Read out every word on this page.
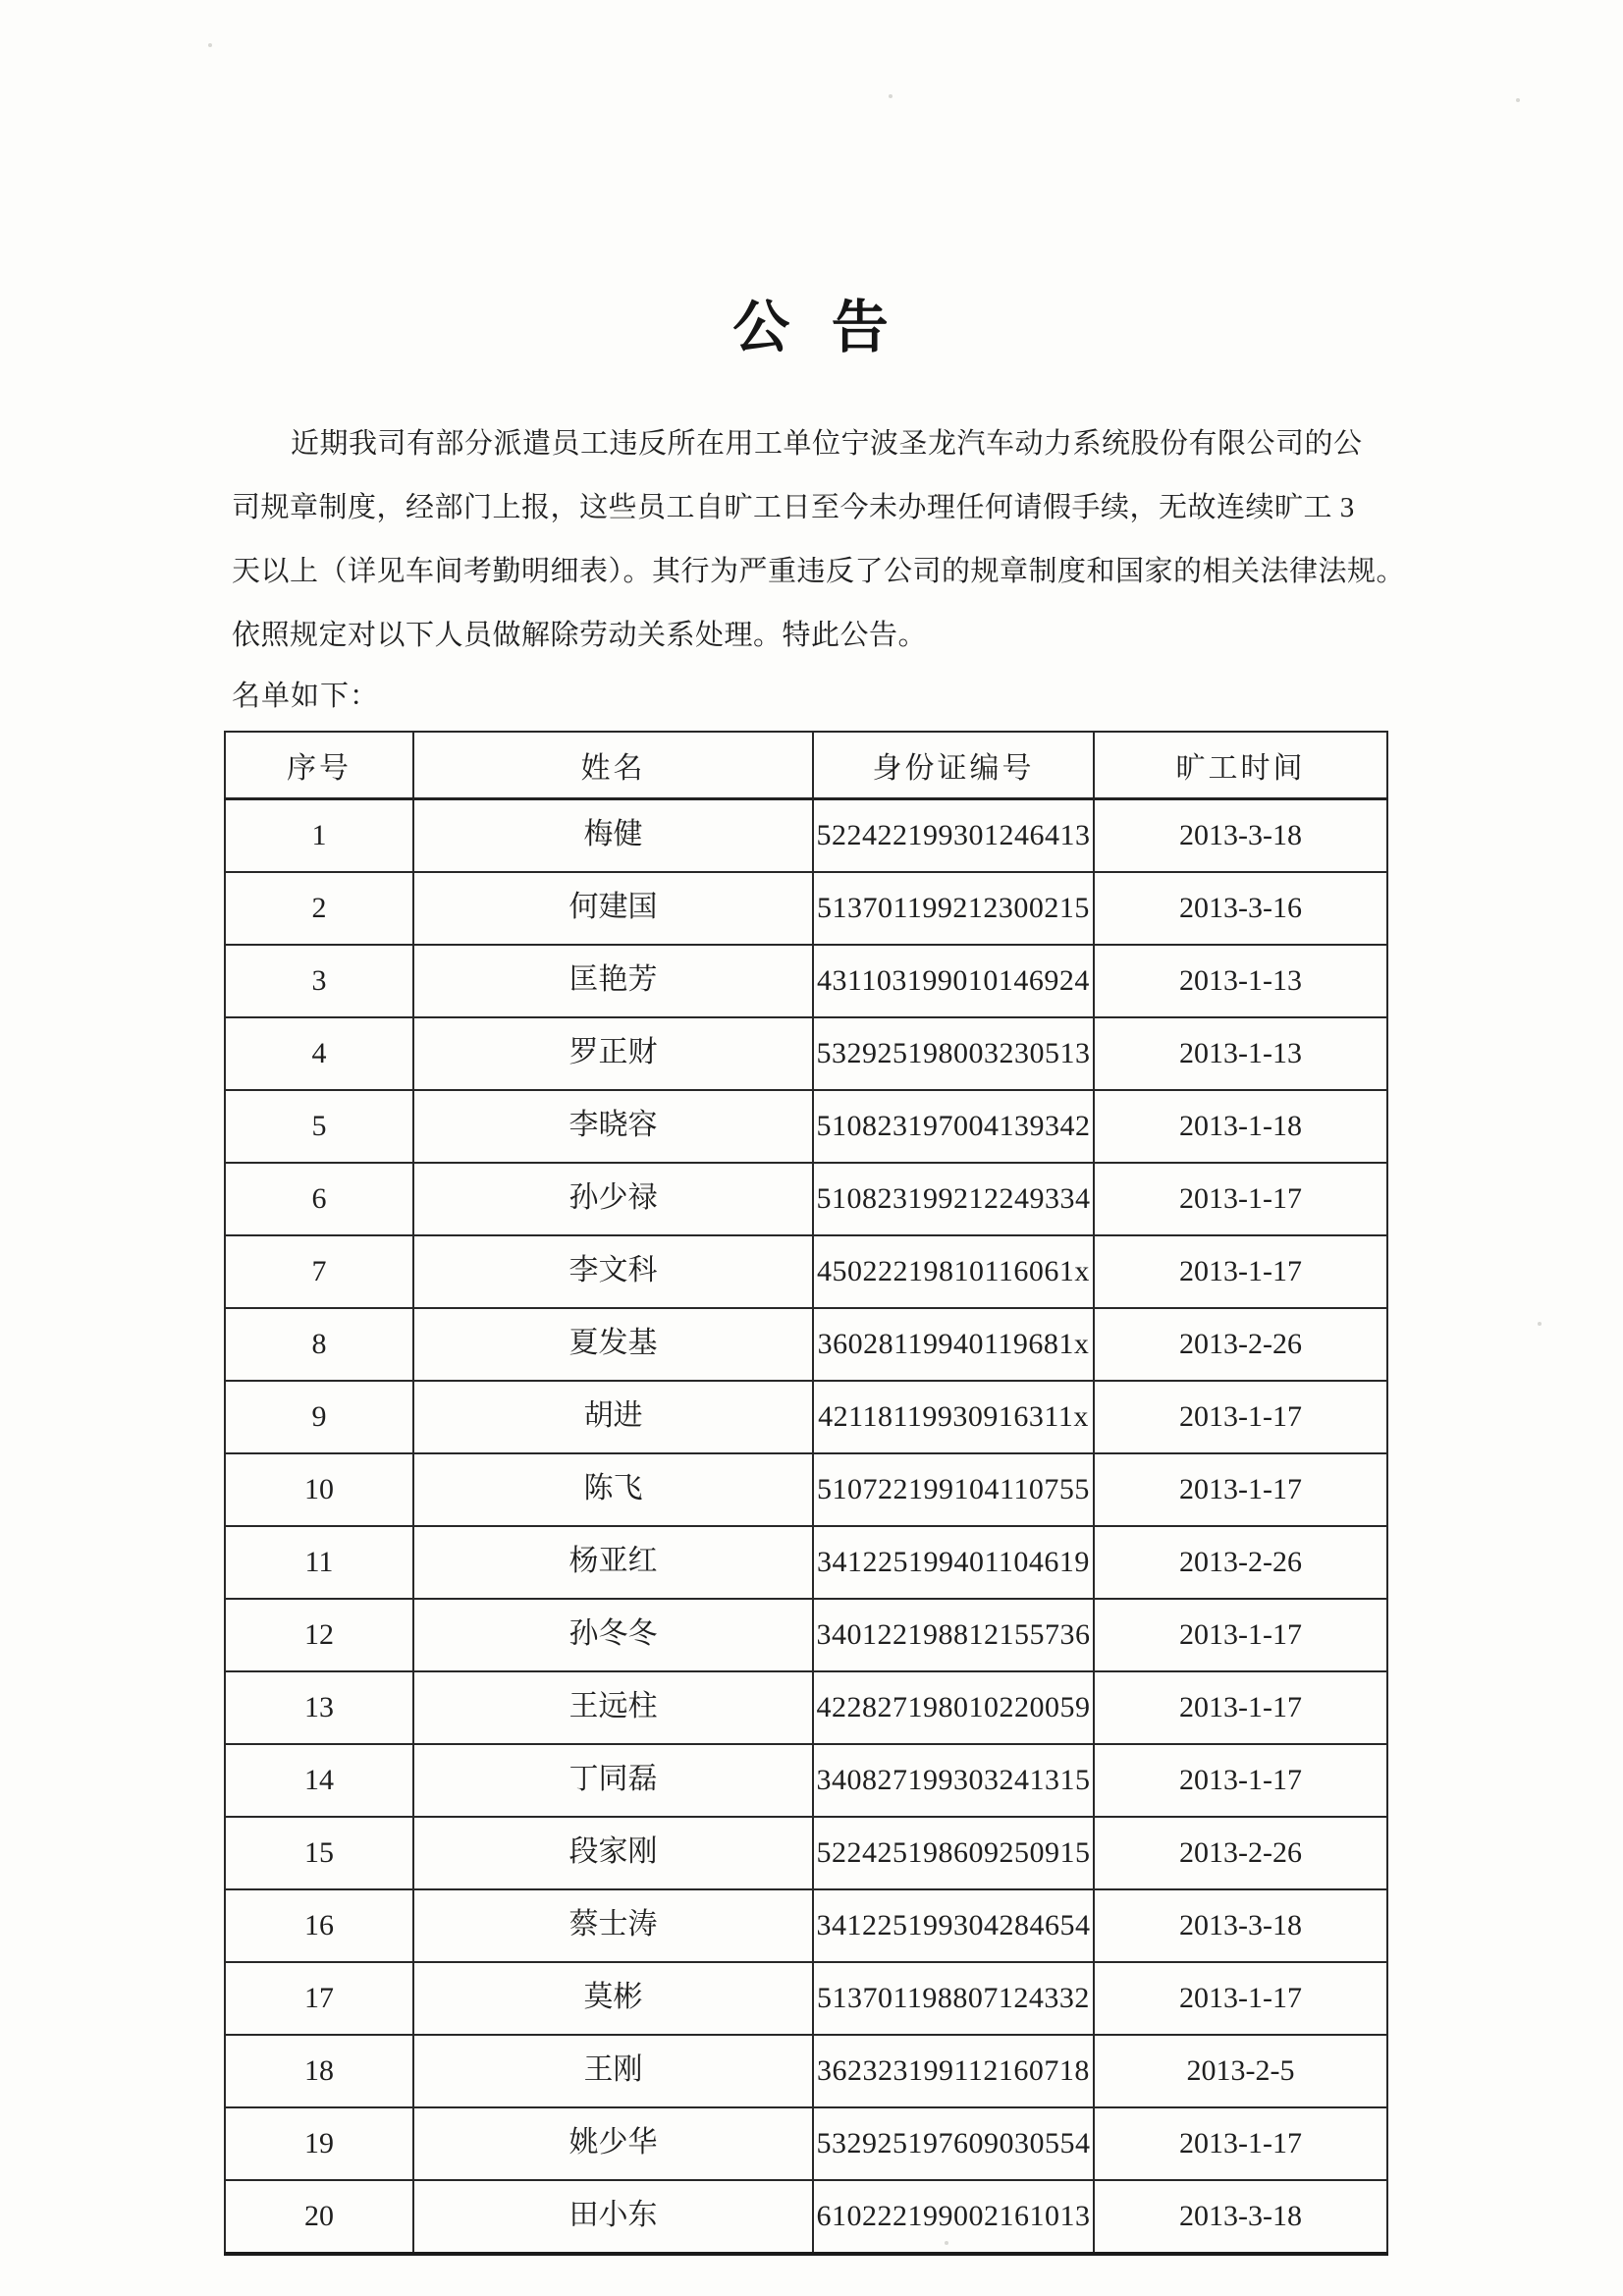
公 告
近期我司有部分派遣员工违反所在用工单位宁波圣龙汽车动力系统股份有限公司的公
司规章制度，经部门上报，这些员工自旷工日至今未办理任何请假手续，无故连续旷工 3
天以上（详见车间考勤明细表）。其行为严重违反了公司的规章制度和国家的相关法律法规。
依照规定对以下人员做解除劳动关系处理。特此公告。
名单如下：
序号	姓名	身份证编号	旷工时间
1	梅健	522422199301246413	2013-3-18
2	何建国	513701199212300215	2013-3-16
3	匡艳芳	431103199010146924	2013-1-13
4	罗正财	532925198003230513	2013-1-13
5	李晓容	510823197004139342	2013-1-18
6	孙少禄	510823199212249334	2013-1-17
7	李文科	45022219810116061x	2013-1-17
8	夏发基	36028119940119681x	2013-2-26
9	胡进	42118119930916311x	2013-1-17
10	陈飞	510722199104110755	2013-1-17
11	杨亚红	341225199401104619	2013-2-26
12	孙冬冬	340122198812155736	2013-1-17
13	王远柱	422827198010220059	2013-1-17
14	丁同磊	340827199303241315	2013-1-17
15	段家刚	522425198609250915	2013-2-26
16	蔡士涛	341225199304284654	2013-3-18
17	莫彬	513701198807124332	2013-1-17
18	王刚	362323199112160718	2013-2-5
19	姚少华	532925197609030554	2013-1-17
20	田小东	610222199002161013	2013-3-18
